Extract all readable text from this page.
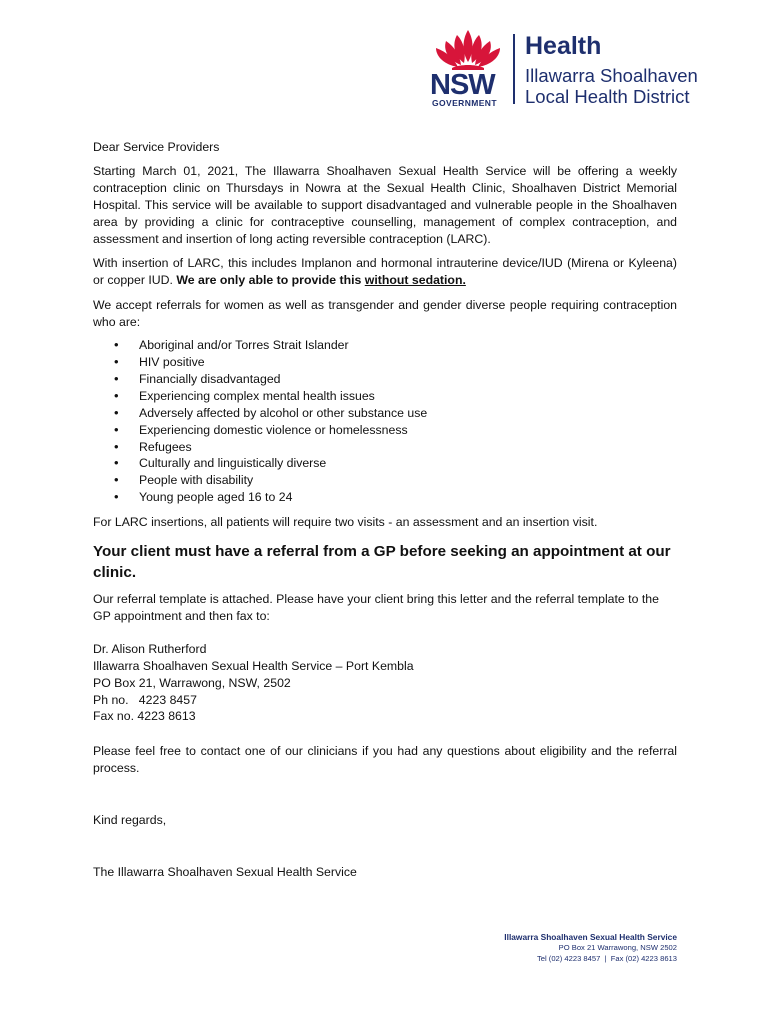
NSW
GOVERNMENT
Health
Illawarra Shoalhaven
Local Health District

Dear Service Providers

Starting March 01, 2021, The Illawarra Shoalhaven Sexual Health Service will be offering a weekly contraception clinic on Thursdays in Nowra at the Sexual Health Clinic, Shoalhaven District Memorial Hospital. This service will be available to support disadvantaged and vulnerable people in the Shoalhaven area by providing a clinic for contraceptive counselling, management of complex contraception, and assessment and insertion of long acting reversible contraception (LARC).

With insertion of LARC, this includes Implanon and hormonal intrauterine device/IUD (Mirena or Kyleena) or copper IUD. We are only able to provide this without sedation.

We accept referrals for women as well as transgender and gender diverse people requiring contraception who are:

• Aboriginal and/or Torres Strait Islander
• HIV positive
• Financially disadvantaged
• Experiencing complex mental health issues
• Adversely affected by alcohol or other substance use
• Experiencing domestic violence or homelessness
• Refugees
• Culturally and linguistically diverse
• People with disability
• Young people aged 16 to 24

For LARC insertions, all patients will require two visits - an assessment and an insertion visit.

Your client must have a referral from a GP before seeking an appointment at our clinic.

Our referral template is attached. Please have your client bring this letter and the referral template to the GP appointment and then fax to:

Dr. Alison Rutherford

Illawarra Shoalhaven Sexual Health Service – Port Kembla

PO Box 21, Warrawong, NSW, 2502

Ph no.   4223 8457

Fax no. 4223 8613

Please feel free to contact one of our clinicians if you had any questions about eligibility and the referral process.

Kind regards,

The Illawarra Shoalhaven Sexual Health Service

Illawarra Shoalhaven Sexual Health Service
PO Box 21 Warrawong, NSW 2502
Tel (02) 4223 8457  |  Fax (02) 4223 8613
